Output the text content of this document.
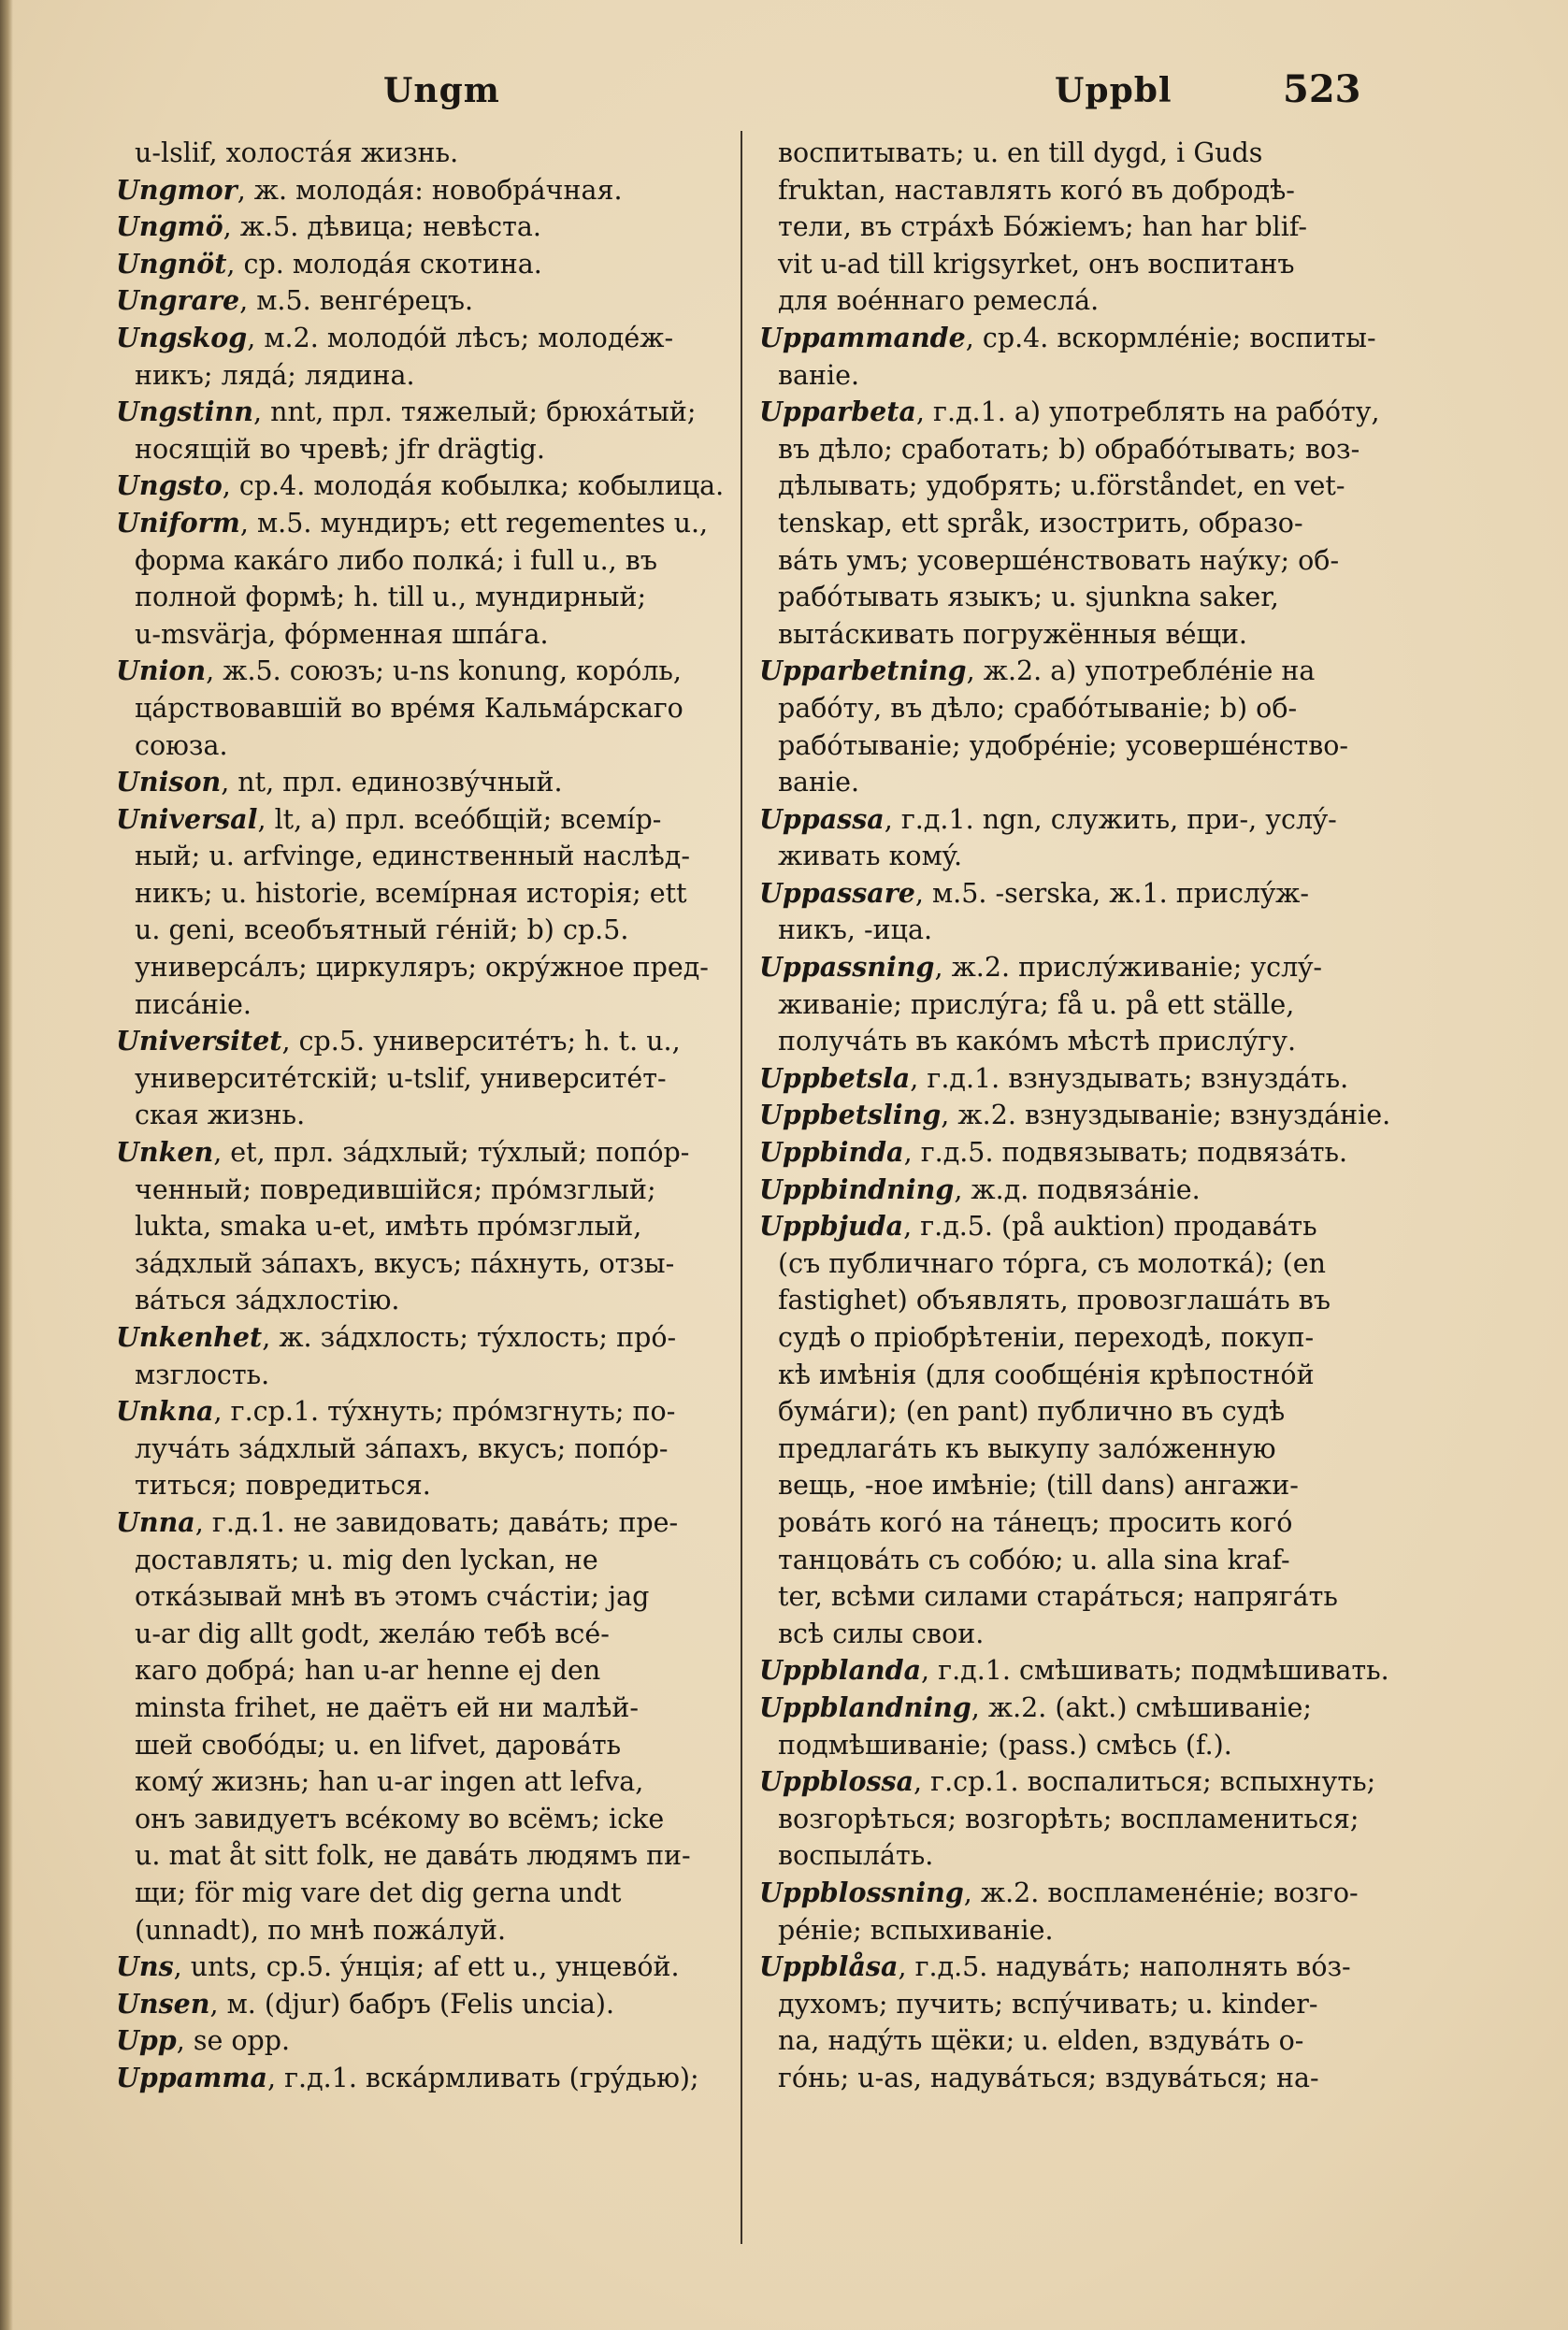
Ungm	Uppbl	523
u-lslif, холостáя жизнь.
Ungmor, ж. молодáя: новобрáчная.
Ungmö, ж.5. дѣвица; невѣста.
Ungnöt, ср. молодáя скотина.
Ungrare, м.5. венгéрецъ.
Ungskog, м.2. молодóй лѣсъ; молодéж-
никъ; лядá; лядина.
Ungstinn, nnt, прл. тяжелый; брюхáтый;
носящій во чревѣ; jfr drägtig.
Ungsto, ср.4. молодáя кобылка; кобылица.
Uniform, м.5. мундиръ; ett regementes u.,
форма какáго либо полкá; i full u., въ
полной формѣ; h. till u., мундирный;
u-msvärja, фóрменная шпáга.
Union, ж.5. союзъ; u-ns konung, корóль,
цáрствовавшій во врéмя Кальмáрскаго
союза.
Unison, nt, прл. единозвýчный.
Universal, lt, a) прл. всеóбщій; всемíр-
ный; u. arfvinge, единственный наслѣд-
никъ; u. historie, всемíрная исторія; ett
u. geni, всеобъятный гéній; b) ср.5.
универсáлъ; циркуляръ; окрýжное пред-
писáніе.
Universitet, ср.5. университéтъ; h. t. u.,
университéтскій; u-tslif, университéт-
ская жизнь.
Unken, et, прл. зáдхлый; тýхлый; попóр-
ченный; повредившійся; прóмзглый;
lukta, smaka u-et, имѣть прóмзглый,
зáдхлый зáпахъ, вкусъ; пáхнуть, отзы-
вáться зáдхлостію.
Unkenhet, ж. зáдхлость; тýхлость; прó-
мзглость.
Unkna, г.ср.1. тýхнуть; прóмзгнуть; по-
лучáть зáдхлый зáпахъ, вкусъ; попóр-
титься; повредиться.
Unna, г.д.1. не завидовать; давáть; пре-
доставлять; u. mig den lyckan, не
откáзывай мнѣ въ этомъ счáстіи; jag
u-ar dig allt godt, желáю тебѣ всé-
каго добрá; han u-ar henne ej den
minsta frihet, не даётъ ей ни малѣй-
шей свобóды; u. en lifvet, даровáть
комý жизнь; han u-ar ingen att lefva,
онъ завидуетъ всéкому во всёмъ; icke
u. mat åt sitt folk, не давáть людямъ пи-
щи; för mig vare det dig gerna undt
(unnadt), по мнѣ пожáлуй.
Uns, unts, ср.5. ýнція; af ett u., унцевóй.
Unsen, м. (djur) бабръ (Felis uncia).
Upp, se opp.
Uppamma, г.д.1. вскáрмливать (грýдью);
воспитывать; u. en till dygd, i Guds
fruktan, наставлять когó въ добродѣ-
тели, въ стрáхѣ Бóжіемъ; han har blif-
vit u-ad till krigsyrket, онъ воспитанъ
для воéннаго ремеслá.
Uppammande, ср.4. вскормлéніе; воспиты-
ваніе.
Upparbeta, г.д.1. a) употреблять на рабóту,
въ дѣло; сработать; b) обрабóтывать; воз-
дѣлывать; удобрять; u.förståndet, en vet-
tenskap, ett språk, изострить, образо-
вáть умъ; усовершéнствовать наýку; об-
рабóтывать языкъ; u. sjunkna saker,
вытáскивать погружённыя вéщи.
Upparbetning, ж.2. a) употреблéніе на
рабóту, въ дѣло; срабóтываніе; b) об-
рабóтываніе; удобрéніе; усовершéнство-
ваніе.
Uppassa, г.д.1. ngn, служить, при-, услý-
живать комý.
Uppassare, м.5. -serska, ж.1. прислýж-
никъ, -ица.
Uppassning, ж.2. прислýживаніе; услý-
живаніе; прислýга; få u. på ett ställe,
получáть въ какóмъ мѣстѣ прислýгу.
Uppbetsla, г.д.1. взнуздывать; взнуздáть.
Uppbetsling, ж.2. взнуздываніе; взнуздáніе.
Uppbinda, г.д.5. подвязывать; подвязáть.
Uppbindning, ж.д. подвязáніе.
Uppbjuda, г.д.5. (på auktion) продавáть
(съ публичнаго тóрга, съ молоткá); (en
fastighet) объявлять, провозглашáть въ
судѣ о пріобрѣтеніи, переходѣ, покуп-
кѣ имѣнія (для сообщéнія крѣпостнóй
бумáги); (en pant) публично въ судѣ
предлагáть къ выкупу залóженную
вещь, -ное имѣніе; (till dans) ангажи-
ровáть когó на тáнецъ; просить когó
танцовáть съ собóю; u. alla sina kraf-
ter, всѣми силами старáться; напрягáть
всѣ силы свои.
Uppblanda, г.д.1. смѣшивать; подмѣшивать.
Uppblandning, ж.2. (akt.) смѣшиваніе;
подмѣшиваніе; (pass.) смѣсь (f.).
Uppblossa, г.ср.1. воспалиться; вспыхнуть;
возгорѣться; возгорѣть; воспламениться;
воспылáть.
Uppblossning, ж.2. воспламенéніе; возго-
рéніе; вспыхиваніе.
Uppblåsa, г.д.5. надувáть; наполнять вóз-
духомъ; пучить; вспýчивать; u. kinder-
na, надýть щёки; u. elden, вздувáть о-
гóнь; u-as, надувáться; вздувáться; на-
